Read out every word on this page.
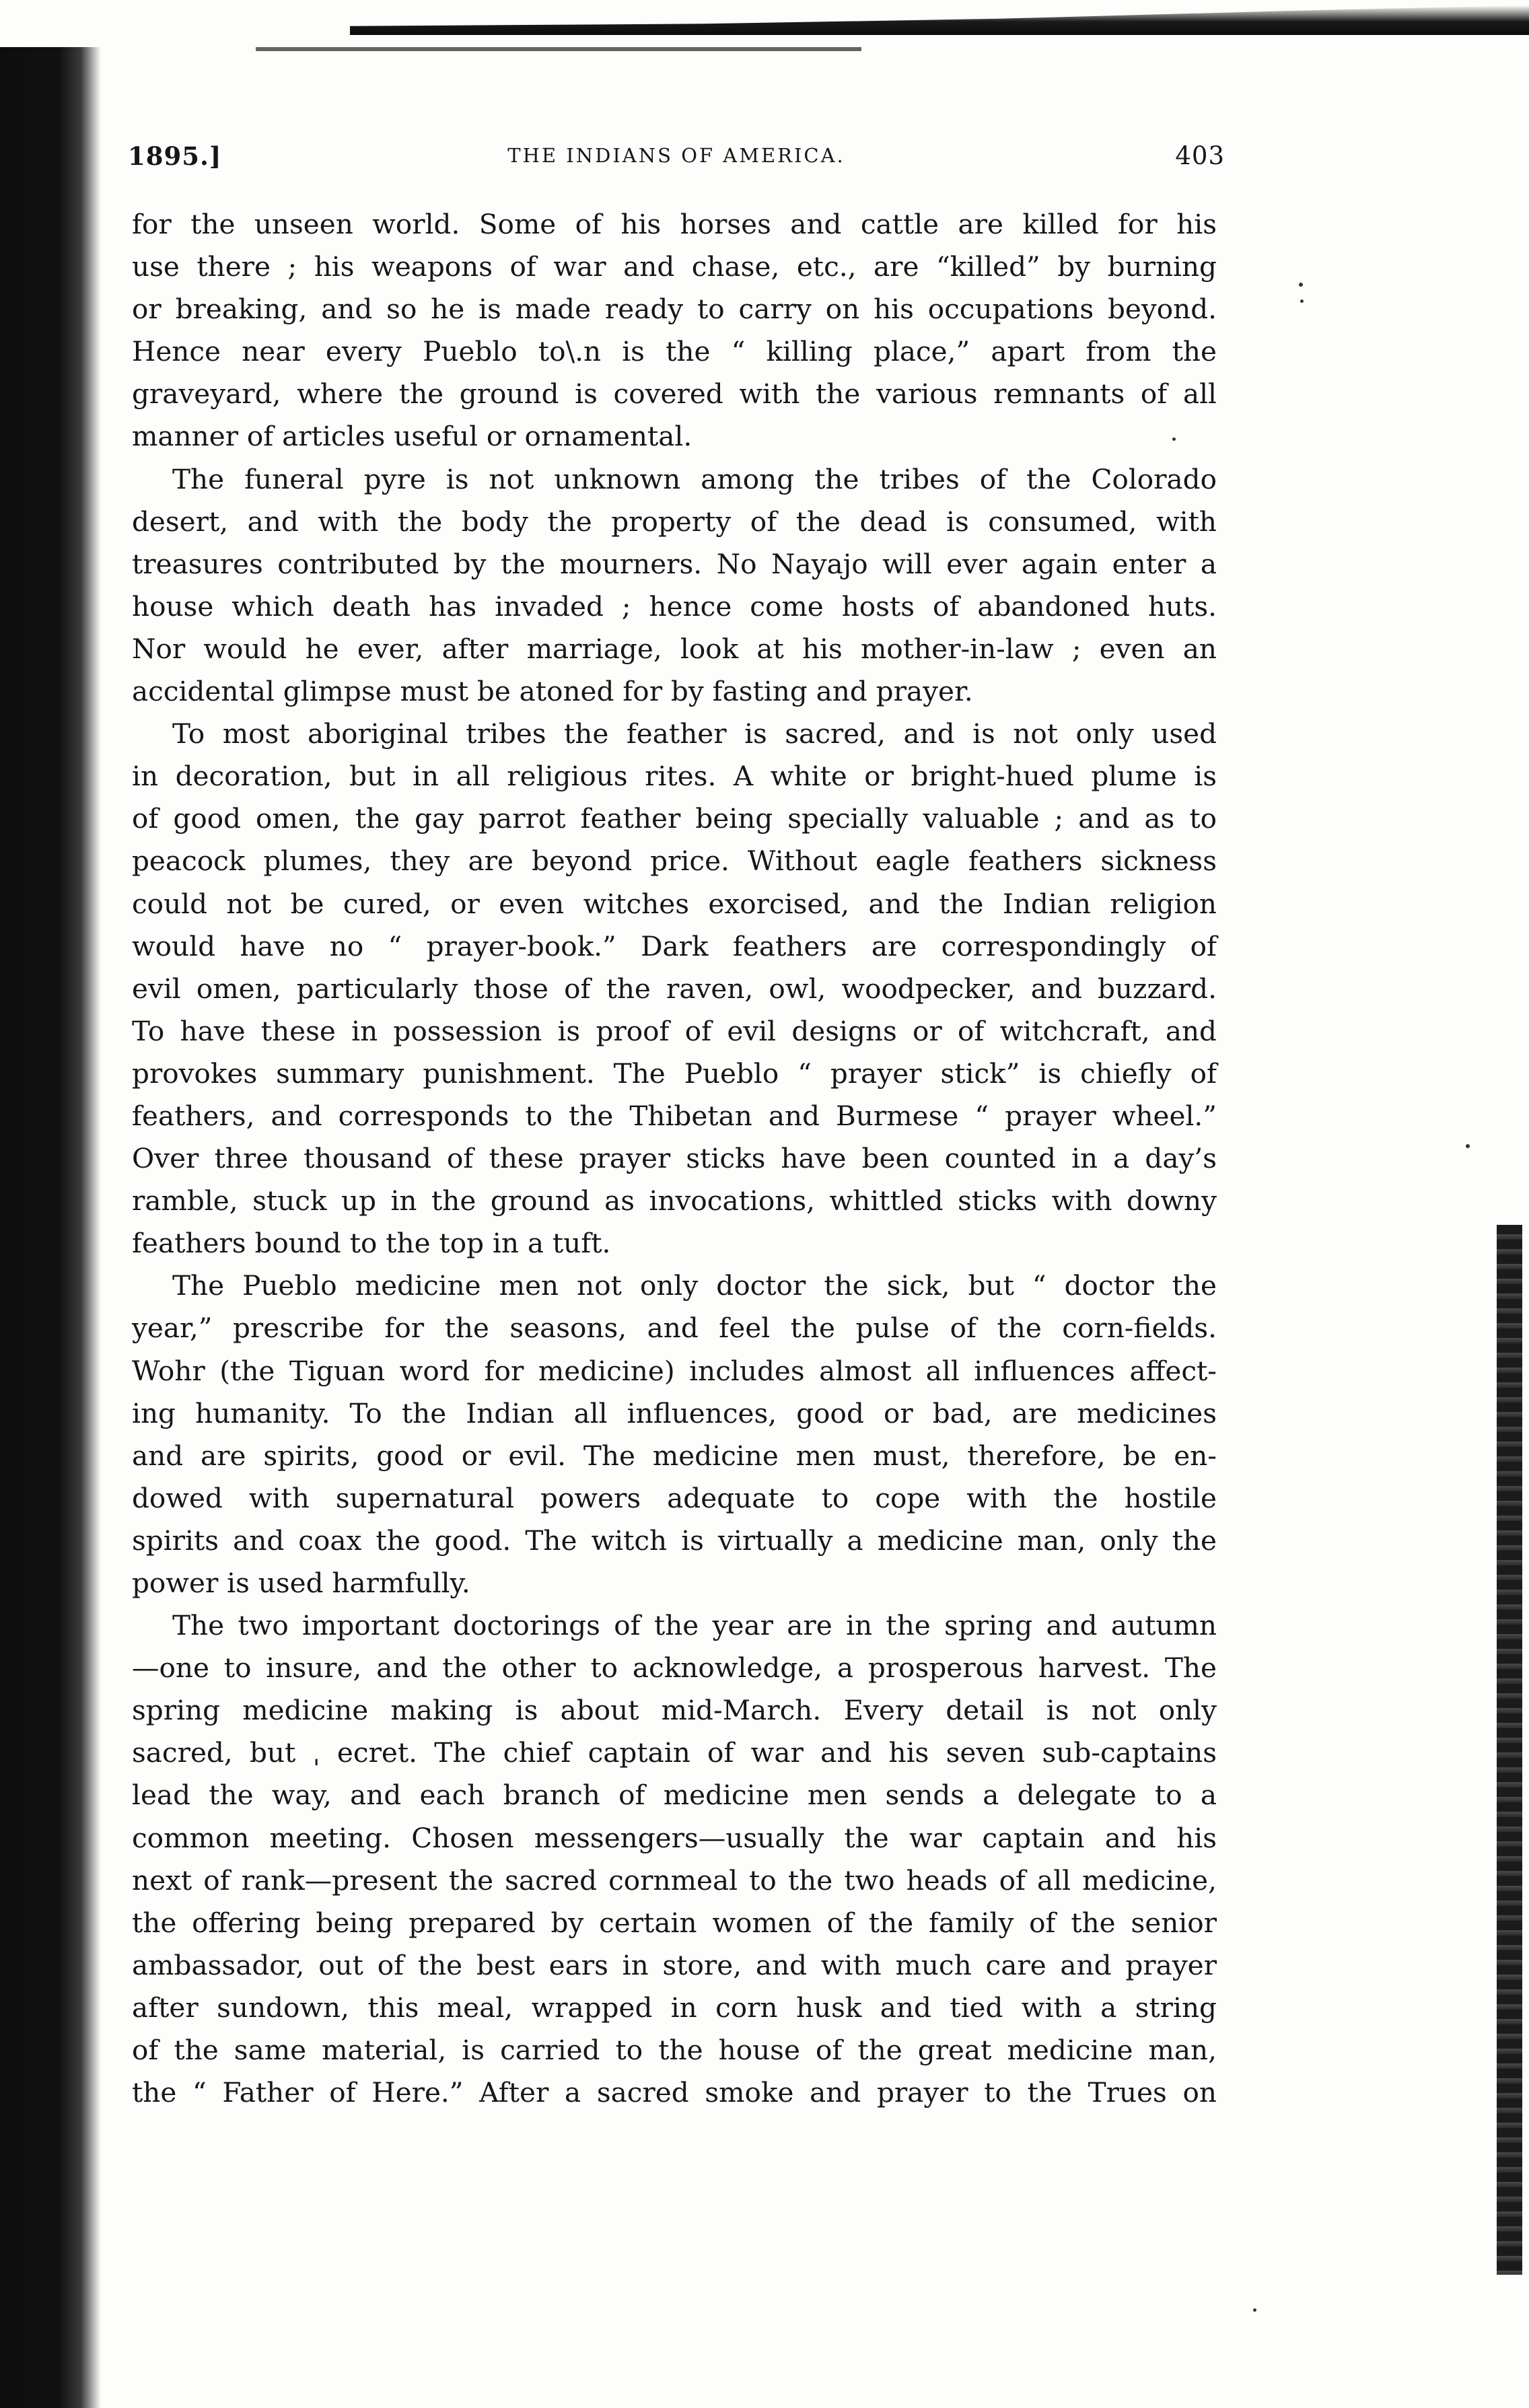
1895.]	THE INDIANS OF AMERICA.	403
for the unseen world. Some of his horses and cattle are killed for his
use there ; his weapons of war and chase, etc., are “killed” by burning
or breaking, and so he is made ready to carry on his occupations beyond.
Hence near every Pueblo to\.n is the “ killing place,” apart from the
graveyard, where the ground is covered with the various remnants of all
manner of articles useful or ornamental.
The funeral pyre is not unknown among the tribes of the Colorado
desert, and with the body the property of the dead is consumed, with
treasures contributed by the mourners. No Nayajo will ever again enter a
house which death has invaded ; hence come hosts of abandoned huts.
Nor would he ever, after marriage, look at his mother-in-law ; even an
accidental glimpse must be atoned for by fasting and prayer.
To most aboriginal tribes the feather is sacred, and is not only used
in decoration, but in all religious rites. A white or bright-hued plume is
of good omen, the gay parrot feather being specially valuable ; and as to
peacock plumes, they are beyond price. Without eagle feathers sickness
could not be cured, or even witches exorcised, and the Indian religion
would have no “ prayer-book.” Dark feathers are correspondingly of
evil omen, particularly those of the raven, owl, woodpecker, and buzzard.
To have these in possession is proof of evil designs or of witchcraft, and
provokes summary punishment. The Pueblo “ prayer stick” is chiefly of
feathers, and corresponds to the Thibetan and Burmese “ prayer wheel.”
Over three thousand of these prayer sticks have been counted in a day’s
ramble, stuck up in the ground as invocations, whittled sticks with downy
feathers bound to the top in a tuft.
The Pueblo medicine men not only doctor the sick, but “ doctor the
year,” prescribe for the seasons, and feel the pulse of the corn-fields.
Wohr (the Tiguan word for medicine) includes almost all influences affect-
ing humanity. To the Indian all influences, good or bad, are medicines
and are spirits, good or evil. The medicine men must, therefore, be en-
dowed with supernatural powers adequate to cope with the hostile
spirits and coax the good. The witch is virtually a medicine man, only the
power is used harmfully.
The two important doctorings of the year are in the spring and autumn
—one to insure, and the other to acknowledge, a prosperous harvest. The
spring medicine making is about mid-March. Every detail is not only
sacred, but ˌ ecret. The chief captain of war and his seven sub-captains
lead the way, and each branch of medicine men sends a delegate to a
common meeting. Chosen messengers—usually the war captain and his
next of rank—present the sacred cornmeal to the two heads of all medicine,
the offering being prepared by certain women of the family of the senior
ambassador, out of the best ears in store, and with much care and prayer
after sundown, this meal, wrapped in corn husk and tied with a string
of the same material, is carried to the house of the great medicine man,
the “ Father of Here.” After a sacred smoke and prayer to the Trues on
